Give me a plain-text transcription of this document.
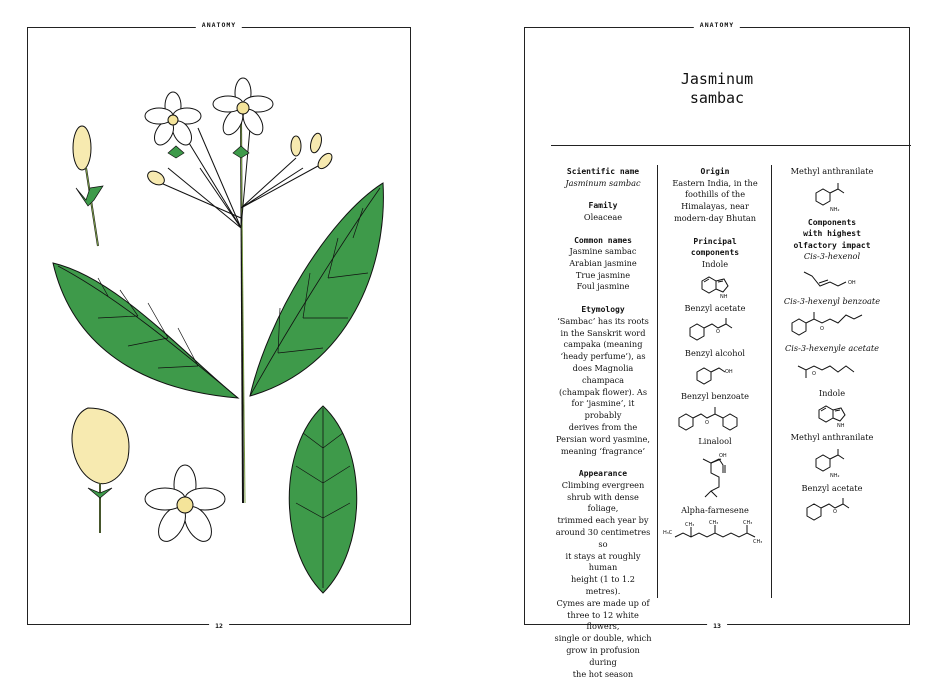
ANATOMY
12
ANATOMY
Jasminum
sambac
Scientific name
Jasminum sambac
Family
Oleaceae
Common names
Jasmine sambac
Arabian jasmine
True jasmine
Foul jasmine
Etymology
‘Sambac’ has its roots
in the Sanskrit word
campaka (meaning
‘heady perfume’), as
does Magnolia champaca
(champak flower). As
for ‘jasmine’, it probably
derives from the
Persian word yasmine,
meaning ‘fragrance’
Appearance
Climbing evergreen
shrub with dense foliage,
trimmed each year by
around 30 centimetres so
it stays at roughly human
height (1 to 1.2 metres).
Cymes are made up of
three to 12 white flowers,
single or double, which
grow in profusion during
the hot season
Origin
Eastern India, in the
foothills of the
Himalayas, near
modern-day Bhutan
Principal
components
Indole
NH
Benzyl acetate
O
Benzyl alcohol
OH
Benzyl benzoate
O
Linalool
OH
Alpha-farnesene
H₃C
CH₃	CH₃	CH₃
CH₃
Methyl anthranilate
NH₂
Components
with highest
olfactory impact
Cis-3-hexenol
OH
Cis-3-hexenyl benzoate
O
Cis-3-hexenyle acetate
O
Indole
NH
Methyl anthranilate
NH₂
Benzyl acetate
O
13
